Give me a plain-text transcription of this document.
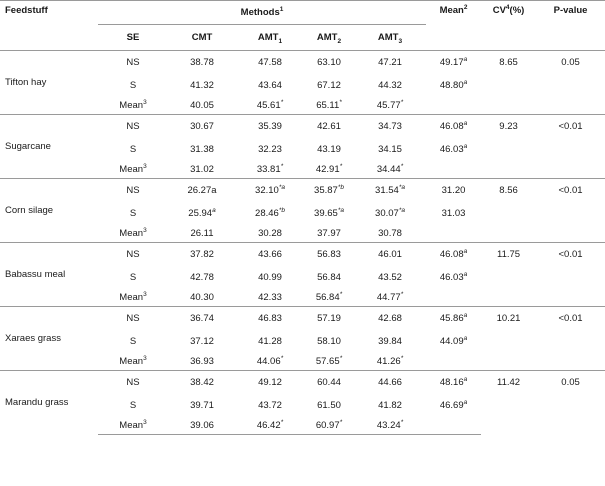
Feedstuff	Methods$^1$					Mean$^2$	$CV^4(\%)$	P-value
	SE	CMT	$AMT_1$	$AMT_2$	$AMT_3$
Tifton hay	NS	38.78	47.58	63.10	47.21	49.17$^a$	8.65	0.05
	S	41.32	43.64	67.12	44.32	48.80$^a$
	Mean$^3$	40.05	45.61*	65.11*	45.77*	
Sugarcane	NS	30.67	35.39	42.61	34.73	46.08$^a$	9.23	<0.01
	S	31.38	32.23	43.19	34.15	46.03$^a$
	Mean$^3$	31.02	33.81*	42.91*	34.44*	
Corn silage	NS	26.27a	32.10$^{*a}$	35.87$^{*b}$	31.54$^{*a}$	31.20	8.56	<0.01
	S	25.94$^a$	28.46$^{*b}$	39.65$^{*a}$	30.07$^{*a}$	31.03		
	Mean$^3$	26.11	30.28	37.97	30.78			
Babassu meal	NS	37.82	43.66	56.83	46.01	46.08$^a$	11.75	<0.01
	S	42.78	40.99	56.84	43.52	46.03$^a$
	Mean$^3$	40.30	42.33	56.84*	44.77*	
Xaraes grass	NS	36.74	46.83	57.19	42.68	45.86$^a$	10.21	<0.01
	S	37.12	41.28	58.10	39.84	44.09$^a$
	Mean$^3$	36.93	44.06*	57.65*	41.26*	
Marandu grass	NS	38.42	49.12	60.44	44.66	48.16$^a$	11.42	0.05
	S	39.71	43.72	61.50	41.82	46.69$^a$
	Mean$^3$	39.06	46.42*	60.97*	43.24*	
